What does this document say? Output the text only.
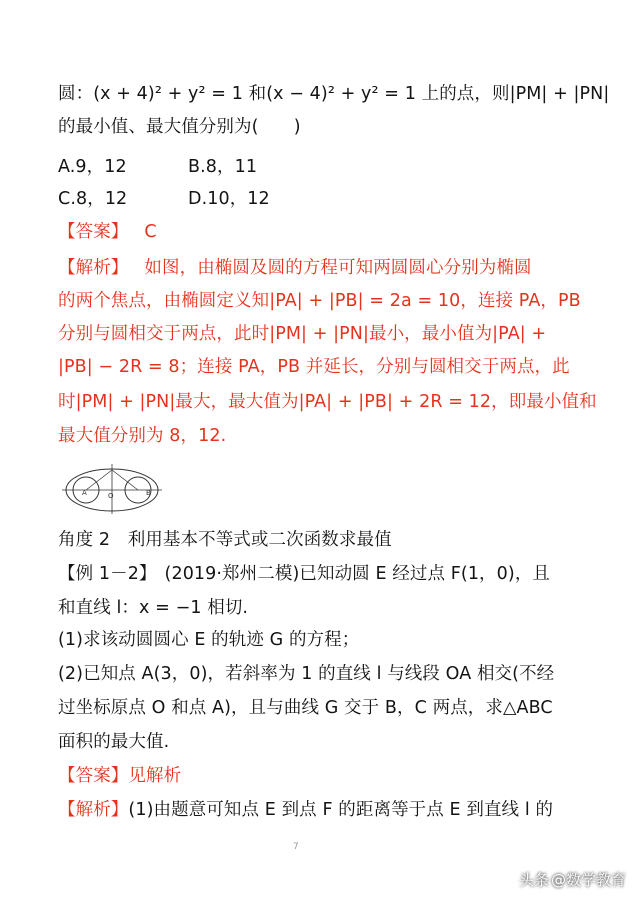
圆：(x + 4)² + y² = 1 和(x − 4)² + y² = 1 上的点，则|PM| + |PN|
的最小值、最大值分别为(　　)
A.9，12	B.8，11
C.8，12	D.10，12
【答案】 C
【解析】 如图，由椭圆及圆的方程可知两圆圆心分别为椭圆
的两个焦点，由椭圆定义知|PA| + |PB| = 2a = 10，连接 PA，PB
分别与圆相交于两点，此时|PM| + |PN|最小，最小值为|PA| +
|PB| − 2R = 8；连接 PA，PB 并延长，分别与圆相交于两点，此
时|PM| + |PN|最大，最大值为|PA| + |PB| + 2R = 12，即最小值和
最大值分别为 8，12.
A	O	B
角度 2　利用基本不等式或二次函数求最值
【例 1－2】 (2019·郑州二模)已知动圆 E 经过点 F(1，0)，且
和直线 l：x = −1 相切.
(1)求该动圆圆心 E 的轨迹 G 的方程；
(2)已知点 A(3，0)，若斜率为 1 的直线 l 与线段 OA 相交(不经
过坐标原点 O 和点 A)，且与曲线 G 交于 B，C 两点，求△ABC
面积的最大值.
【答案】见解析
【解析】(1)由题意可知点 E 到点 F 的距离等于点 E 到直线 l 的
7
头条 @数学教育
